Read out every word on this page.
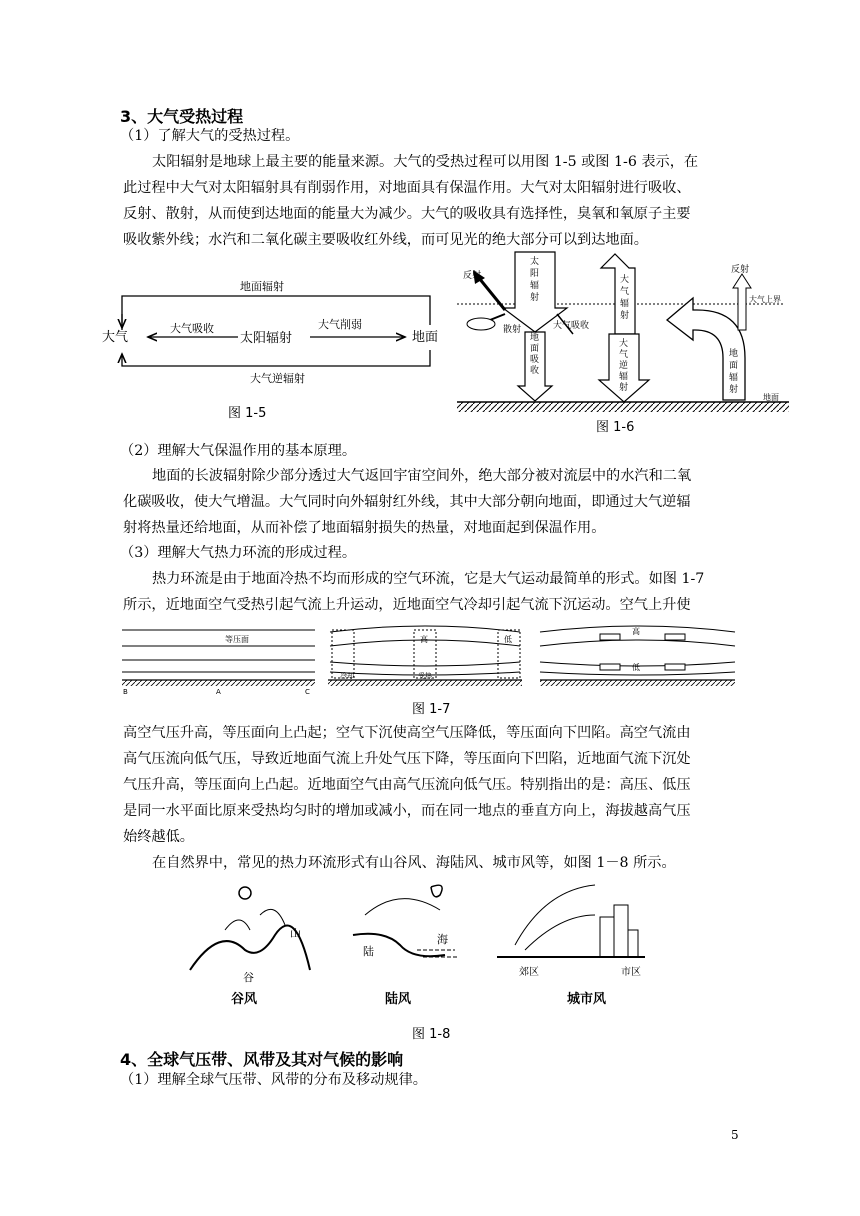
3、大气受热过程
（1）了解大气的受热过程。
太阳辐射是地球上最主要的能量来源。大气的受热过程可以用图 1-5 或图 1-6 表示，在
此过程中大气对太阳辐射具有削弱作用，对地面具有保温作用。大气对太阳辐射进行吸收、
反射、散射，从而使到达地面的能量大为减少。大气的吸收具有选择性，臭氧和氧原子主要
吸收紫外线；水汽和二氧化碳主要吸收红外线，而可见光的绝大部分可以到达地面。
地面辐射
大气
大气吸收
太阳辐射
大气削弱
地面
大气逆辐射
图 1-5
反射
太
阳
辐
射
散射
地
面
吸
收
大气吸收
大
气
辐
射
大
气
逆
辐
射
反射
大气上界
地
面
辐
射
地面
图 1-6
（2）理解大气保温作用的基本原理。
地面的长波辐射除少部分透过大气返回宇宙空间外，绝大部分被对流层中的水汽和二氧
化碳吸收，使大气增温。大气同时向外辐射红外线，其中大部分朝向地面，即通过大气逆辐
射将热量还给地面，从而补偿了地面辐射损失的热量，对地面起到保温作用。
（3）理解大气热力环流的形成过程。
热力环流是由于地面冷热不均而形成的空气环流，它是大气运动最简单的形式。如图 1-7
所示，近地面空气受热引起气流上升运动，近地面空气冷却引起气流下沉运动。空气上升使
等压面
B	A	C
冷却	受热
高	低
高
低
图 1-7
高空气压升高，等压面向上凸起；空气下沉使高空气压降低，等压面向下凹陷。高空气流由
高气压流向低气压，导致近地面气流上升处气压下降，等压面向下凹陷，近地面气流下沉处
气压升高，等压面向上凸起。近地面空气由高气压流向低气压。特别指出的是：高压、低压
是同一水平面比原来受热均匀时的增加或减小，而在同一地点的垂直方向上，海拔越高气压
始终越低。
在自然界中，常见的热力环流形式有山谷风、海陆风、城市风等，如图 1－8 所示。
山
谷
谷风
陆
海
陆风
郊区	市区
城市风
图 1-8
4、全球气压带、风带及其对气候的影响
（1）理解全球气压带、风带的分布及移动规律。
5
